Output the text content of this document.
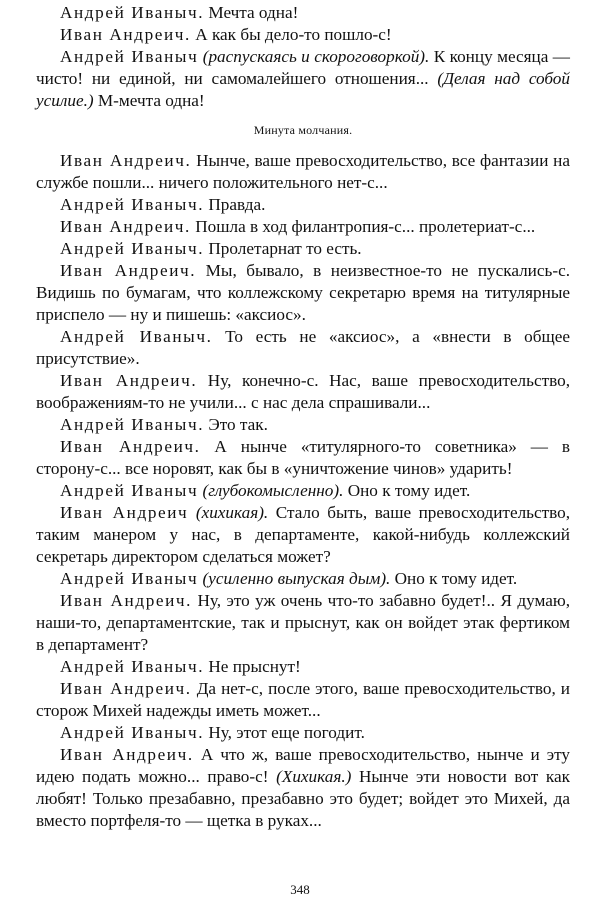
Андрей Иваныч. Мечта одна!

Иван Андреич. А как бы дело-то пошло-с!

Андрей Иваныч (распускаясь и скороговоркой). К концу месяца — чисто! ни единой, ни самомалейшего отношения... (Делая над собой усилие.) М-мечта одна!

Минута молчания.

Иван Андреич. Нынче, ваше превосходительство, все фантазии на службе пошли... ничего положительного нет-с...

Андрей Иваныч. Правда.

Иван Андреич. Пошла в ход филантропия-с... пролетериат-с...

Андрей Иваныч. Пролетарнат то есть.

Иван Андреич. Мы, бывало, в неизвестное-то не пускались-с. Видишь по бумагам, что коллежскому секретарю время на титулярные приспело — ну и пишешь: «аксиос».

Андрей Иваныч. То есть не «аксиос», а «внести в общее присутствие».

Иван Андреич. Ну, конечно-с. Нас, ваше превосходительство, воображениям-то не учили... с нас дела спрашивали...

Андрей Иваныч. Это так.

Иван Андреич. А нынче «титулярного-то советника» — в сторону-с... все норовят, как бы в «уничтожение чинов» ударить!

Андрей Иваныч (глубокомысленно). Оно к тому идет.

Иван Андреич (хихикая). Стало быть, ваше превосходительство, таким манером у нас, в департаменте, какой-нибудь коллежский секретарь директором сделаться может?

Андрей Иваныч (усиленно выпуская дым). Оно к тому идет.

Иван Андреич. Ну, это уж очень что-то забавно будет!.. Я думаю, наши-то, департаментские, так и прыснут, как он войдет этак фертиком в департамент?

Андрей Иваныч. Не прыснут!

Иван Андреич. Да нет-с, после этого, ваше превосходительство, и сторож Михей надежды иметь может...

Андрей Иваныч. Ну, этот еще погодит.

Иван Андреич. А что ж, ваше превосходительство, нынче и эту идею подать можно... право-с! (Хихикая.) Нынче эти новости вот как любят! Только презабавно, презабавно это будет; войдет это Михей, да вместо портфеля-то — щетка в руках...

348
